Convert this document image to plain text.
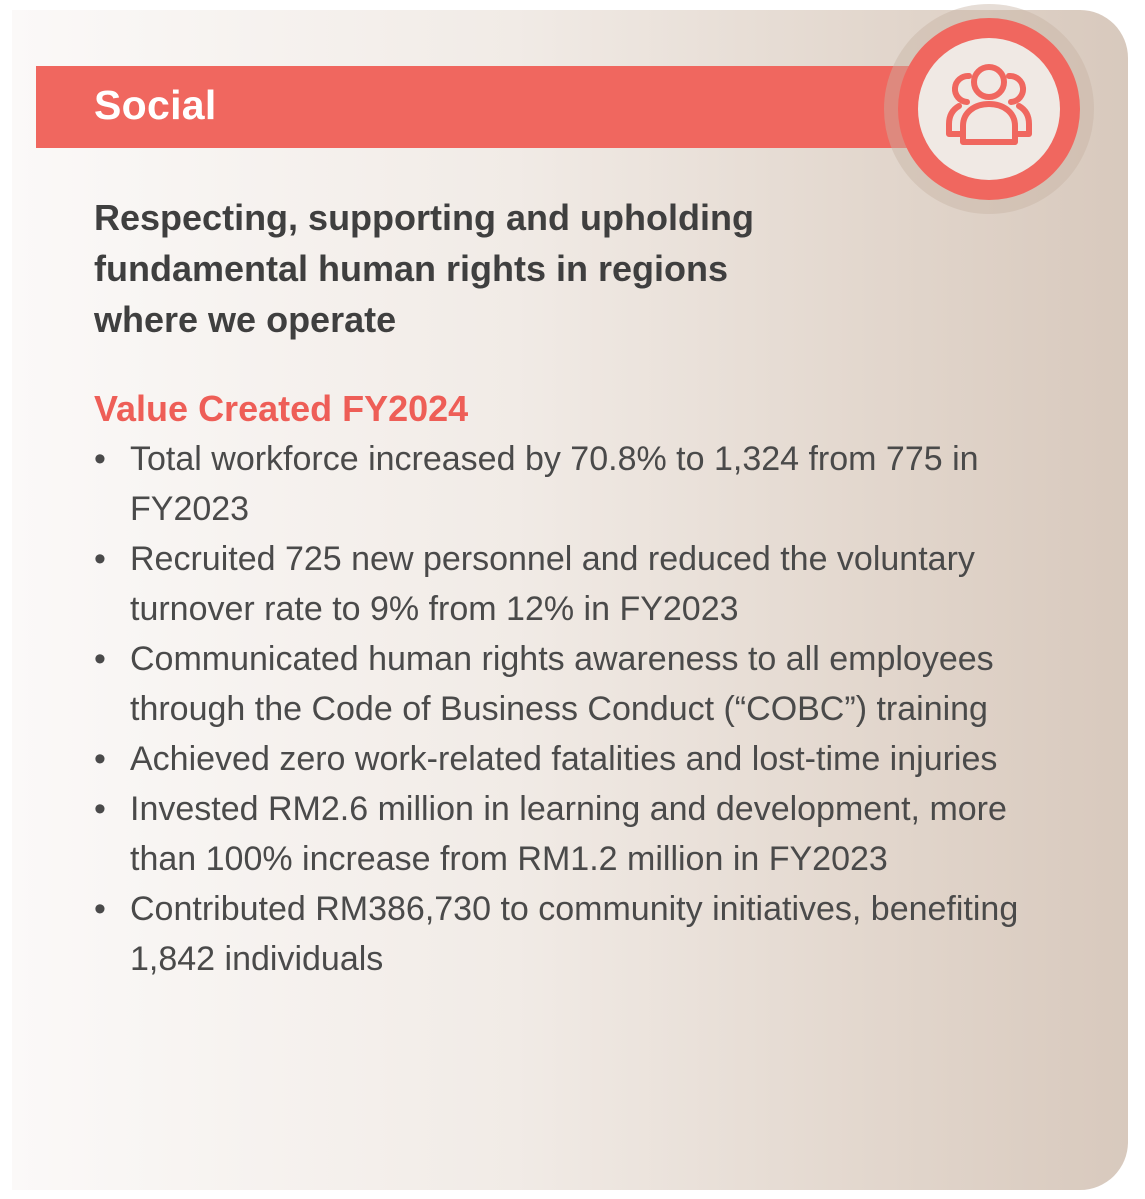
Social
Respecting, supporting and upholding fundamental human rights in regions where we operate
Value Created FY2024
• Total workforce increased by 70.8% to 1,324 from 775 in FY2023
• Recruited 725 new personnel and reduced the voluntary turnover rate to 9% from 12% in FY2023
• Communicated human rights awareness to all employees through the Code of Business Conduct (“COBC”) training
• Achieved zero work-related fatalities and lost-time injuries
• Invested RM2.6 million in learning and development, more than 100% increase from RM1.2 million in FY2023
• Contributed RM386,730 to community initiatives, benefiting 1,842 individuals
